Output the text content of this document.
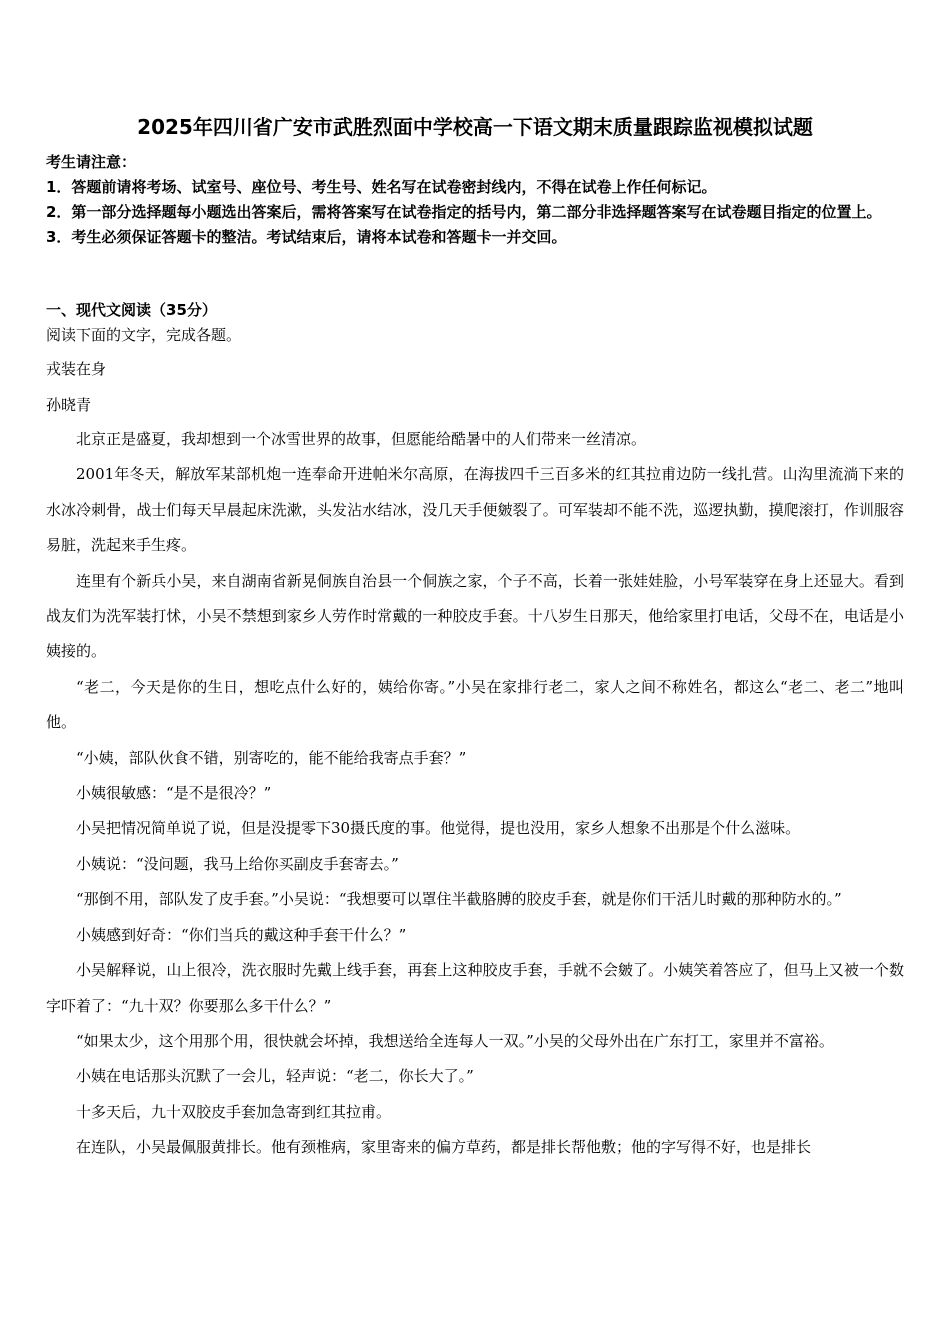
2025年四川省广安市武胜烈面中学校高一下语文期末质量跟踪监视模拟试题
考生请注意：
1．答题前请将考场、试室号、座位号、考生号、姓名写在试卷密封线内，不得在试卷上作任何标记。
2．第一部分选择题每小题选出答案后，需将答案写在试卷指定的括号内，第二部分非选择题答案写在试卷题目指定的位置上。
3．考生必须保证答题卡的整洁。考试结束后，请将本试卷和答题卡一并交回。
一、现代文阅读（35分）
阅读下面的文字，完成各题。
戎装在身
孙晓青

北京正是盛夏，我却想到一个冰雪世界的故事，但愿能给酷暑中的人们带来一丝清凉。

2001年冬天，解放军某部机炮一连奉命开进帕米尔高原，在海拔四千三百多米的红其拉甫边防一线扎营。山沟里流淌下来的水冰冷刺骨，战士们每天早晨起床洗漱，头发沾水结冰，没几天手便皴裂了。可军装却不能不洗，巡逻执勤，摸爬滚打，作训服容易脏，洗起来手生疼。

连里有个新兵小吴，来自湖南省新晃侗族自治县一个侗族之家，个子不高，长着一张娃娃脸，小号军装穿在身上还显大。看到战友们为洗军装打怵，小吴不禁想到家乡人劳作时常戴的一种胶皮手套。十八岁生日那天，他给家里打电话，父母不在，电话是小姨接的。

“老二，今天是你的生日，想吃点什么好的，姨给你寄。”小吴在家排行老二，家人之间不称姓名，都这么“老二、老二”地叫他。

“小姨，部队伙食不错，别寄吃的，能不能给我寄点手套？”

小姨很敏感：“是不是很冷？”

小吴把情况简单说了说，但是没提零下30摄氏度的事。他觉得，提也没用，家乡人想象不出那是个什么滋味。

小姨说：“没问题，我马上给你买副皮手套寄去。”

“那倒不用，部队发了皮手套。”小吴说：“我想要可以罩住半截胳膊的胶皮手套，就是你们干活儿时戴的那种防水的。”

小姨感到好奇：“你们当兵的戴这种手套干什么？”

小吴解释说，山上很冷，洗衣服时先戴上线手套，再套上这种胶皮手套，手就不会皴了。小姨笑着答应了，但马上又被一个数字吓着了：“九十双？你要那么多干什么？”

“如果太少，这个用那个用，很快就会坏掉，我想送给全连每人一双。”小吴的父母外出在广东打工，家里并不富裕。

小姨在电话那头沉默了一会儿，轻声说：“老二，你长大了。”

十多天后，九十双胶皮手套加急寄到红其拉甫。

在连队，小吴最佩服黄排长。他有颈椎病，家里寄来的偏方草药，都是排长帮他敷；他的字写得不好，也是排长
